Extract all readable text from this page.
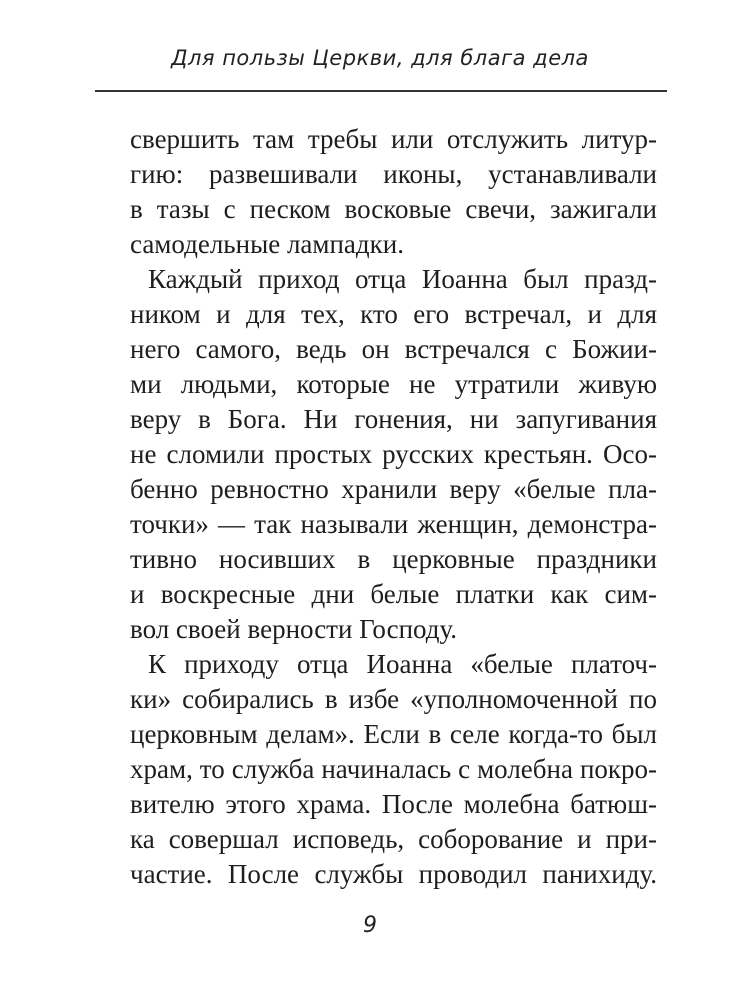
Для пользы Церкви, для блага дела
свершить там требы или отслужить литур-
гию: развешивали иконы, устанавливали
в тазы с песком восковые свечи, зажигали
самодельные лампадки.
Каждый приход отца Иоанна был празд-
ником и для тех, кто его встречал, и для
него самого, ведь он встречался с Божии-
ми людьми, которые не утратили живую
веру в Бога. Ни гонения, ни запугивания
не сломили простых русских крестьян. Осо-
бенно ревностно хранили веру «белые пла-
точки» — так называли женщин, демонстра-
тивно носивших в церковные праздники
и воскресные дни белые платки как сим-
вол своей верности Господу.
К приходу отца Иоанна «белые платоч-
ки» собирались в избе «уполномоченной по
церковным делам». Если в селе когда-то был
храм, то служба начиналась с молебна покро-
вителю этого храма. После молебна батюш-
ка совершал исповедь, соборование и при-
частие. После службы проводил панихиду.
9
